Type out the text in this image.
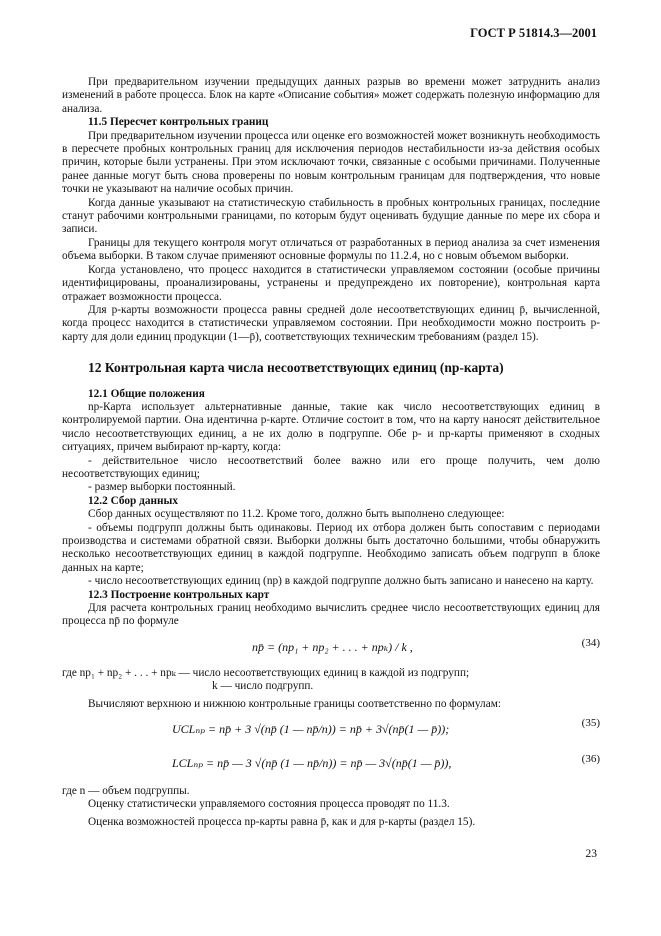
ГОСТ Р 51814.3—2001

При предварительном изучении предыдущих данных разрыв во времени может затруднить анализ изменений в работе процесса. Блок на карте «Описание события» может содержать полезную информацию для анализа.

11.5 Пересчет контрольных границ

При предварительном изучении процесса или оценке его возможностей может возникнуть необходимость в пересчете пробных контрольных границ для исключения периодов нестабильности из-за действия особых причин, которые были устранены. При этом исключают точки, связанные с особыми причинами. Полученные ранее данные могут быть снова проверены по новым контрольным границам для подтверждения, что новые точки не указывают на наличие особых причин.

Когда данные указывают на статистическую стабильность в пробных контрольных границах, последние станут рабочими контрольными границами, по которым будут оценивать будущие данные по мере их сбора и записи.

Границы для текущего контроля могут отличаться от разработанных в период анализа за счет изменения объема выборки. В таком случае применяют основные формулы по 11.2.4, но с новым объемом выборки.

Когда установлено, что процесс находится в статистически управляемом состоянии (особые причины идентифицированы, проанализированы, устранены и предупреждено их повторение), контрольная карта отражает возможности процесса.

Для p-карты возможности процесса равны средней доле несоответствующих единиц p̄, вычисленной, когда процесс находится в статистически управляемом состоянии. При необходимости можно построить p-карту для доли единиц продукции (1—p̄), соответствующих техническим требованиям (раздел 15).

12 Контрольная карта числа несоответствующих единиц (np-карта)

12.1 Общие положения

np-Карта использует альтернативные данные, такие как число несоответствующих единиц в контролируемой партии. Она идентична p-карте. Отличие состоит в том, что на карту наносят действительное число несоответствующих единиц, а не их долю в подгруппе. Обе p- и np-карты применяют в сходных ситуациях, причем выбирают np-карту, когда:

- действительное число несоответствий более важно или его проще получить, чем долю несоответствующих единиц;

- размер выборки постоянный.

12.2 Сбор данных

Сбор данных осуществляют по 11.2. Кроме того, должно быть выполнено следующее:

- объемы подгрупп должны быть одинаковы. Период их отбора должен быть сопоставим с периодами производства и системами обратной связи. Выборки должны быть достаточно большими, чтобы обнаружить несколько несоответствующих единиц в каждой подгруппе. Необходимо записать объем подгрупп в блоке данных на карте;

- число несоответствующих единиц (np) в каждой подгруппе должно быть записано и нанесено на карту.

12.3 Построение контрольных карт

Для расчета контрольных границ необходимо вычислить среднее число несоответствующих единиц для процесса np̄ по формуле

np̄ = (np₁ + np₂ + . . . + npₖ) / k ,	(34)

где np₁ + np₂ + . . . + npₖ — число несоответствующих единиц в каждой из подгрупп;

k — число подгрупп.

Вычисляют верхнюю и нижнюю контрольные границы соответственно по формулам:

UCLₙₚ = np̄ + 3 √(np̄ (1 — np̄/n)) = np̄ + 3√(np̄(1 — p̄));	(35)
LCLₙₚ = np̄ — 3 √(np̄ (1 — np̄/n)) = np̄ — 3√(np̄(1 — p̄)),	(36)

где n — объем подгруппы.

Оценку статистически управляемого состояния процесса проводят по 11.3.

Оценка возможностей процесса np-карты равна p̄, как и для p-карты (раздел 15).

23
